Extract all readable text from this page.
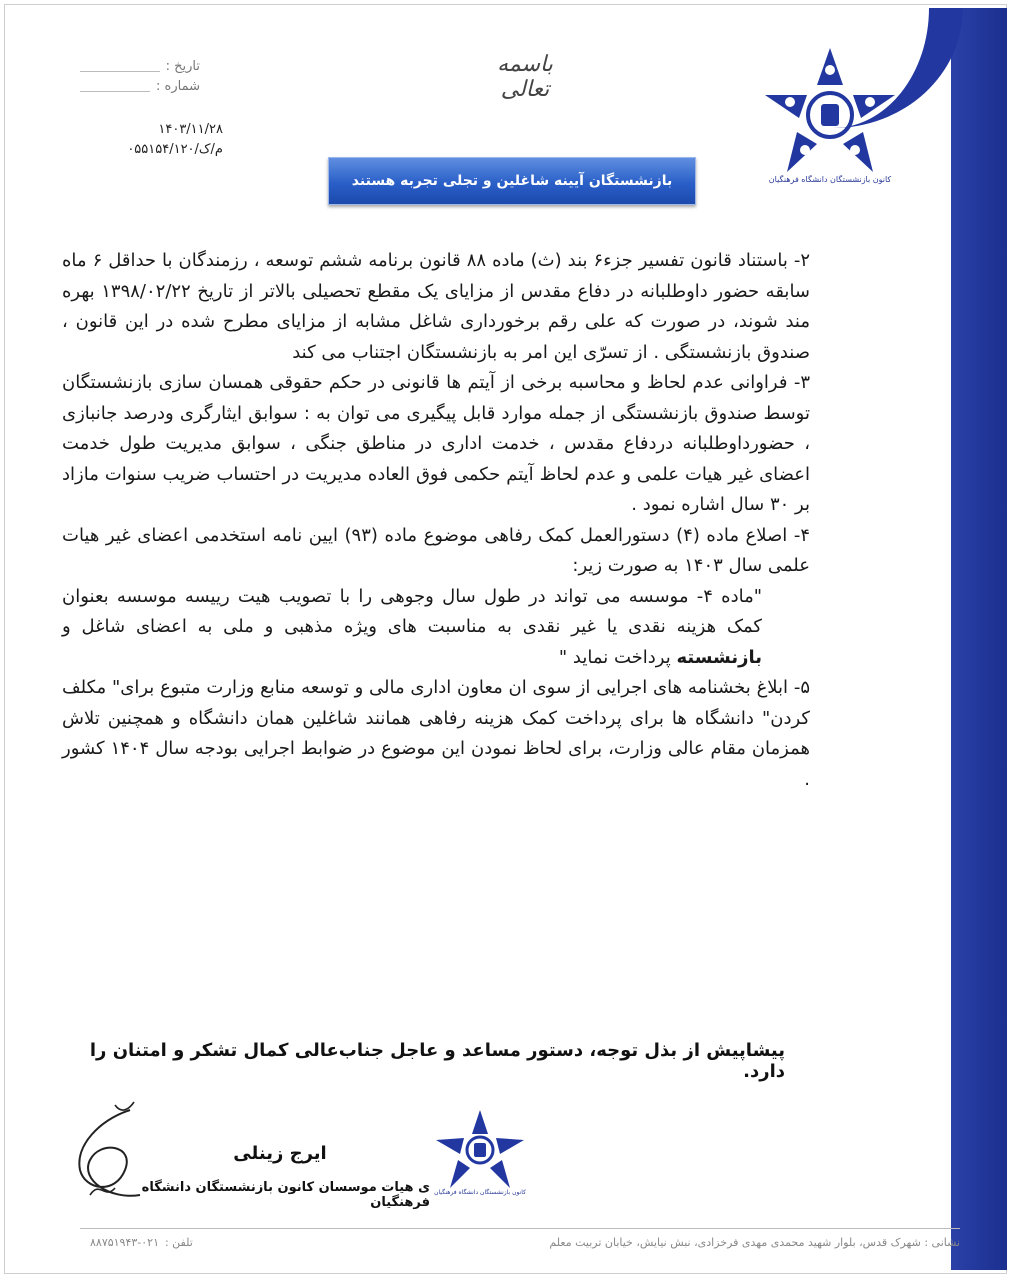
کانون بازنشستگان دانشگاه فرهنگیان
باسمه تعالی
تاریخ :
شماره :
۱۴۰۳/۱۱/۲۸
۰۵۵۱۵۴/۱۲۰/م/ک
بازنشستگان آیینه شاغلین و تجلی تجربه هستند

۲- باستناد قانون تفسیر جزء۶ بند (ث) ماده ۸۸ قانون برنامه ششم توسعه ، رزمندگان با حداقل ۶ ماه سابقه حضور داوطلبانه در دفاع مقدس از مزایای یک مقطع تحصیلی بالاتر از تاریخ ۱۳۹۸/۰۲/۲۲ بهره مند شوند، در صورت که علی رقم برخورداری شاغل مشابه از مزایای مطرح شده در این قانون ، صندوق بازنشستگی . از تسرّی این امر به بازنشستگان اجتناب می کند

۳- فراوانی عدم لحاظ و محاسبه برخی از آیتم ها قانونی در حکم حقوقی همسان سازی بازنشستگان توسط صندوق بازنشستگی از جمله موارد قابل پیگیری می توان به : سوابق ایثارگری ودرصد جانبازی ، حضورداوطلبانه دردفاع مقدس ، خدمت اداری در مناطق جنگی ، سوابق مدیریت طول خدمت اعضای غیر هیات علمی و عدم لحاظ آیتم حکمی فوق العاده مدیریت در احتساب ضریب سنوات مازاد بر ۳۰ سال اشاره نمود .

۴- اصلاع ماده (۴) دستورالعمل کمک رفاهی موضوع ماده (۹۳) ایین نامه استخدمی اعضای غیر هیات علمی سال ۱۴۰۳ به صورت زیر:

"ماده ۴- موسسه می تواند در طول سال وجوهی را با تصویب هیت رییسه موسسه بعنوان کمک هزینه نقدی یا غیر نقدی به مناسبت های ویژه مذهبی و ملی به اعضای شاغل و بازنشسته پرداخت نماید "

۵- ابلاغ بخشنامه های اجرایی از سوی ان معاون اداری مالی و توسعه منابع وزارت متبوع برای" مکلف کردن" دانشگاه ها برای پرداخت کمک هزینه رفاهی همانند شاغلین همان دانشگاه و همچنین تلاش همزمان مقام عالی وزارت، برای لحاظ نمودن این موضوع در ضوابط اجرایی بودجه سال ۱۴۰۴ کشور .

پیشاپیش از بذل توجه، دستور مساعد و عاجل جناب‌عالی کمال تشکر و امتنان را دارد.
ایرج زینلی
ی هیات موسسان کانون بازنشستگان دانشگاه فرهنگیان
کانون بازنشستگان دانشگاه فرهنگیان
نشانی : شهرک قدس، بلوار شهید محمدی مهدی فرخزادی، نبش نیایش، خیابان تربیت معلم
تلفن :۰۲۱-۸۸۷۵۱۹۴۳
